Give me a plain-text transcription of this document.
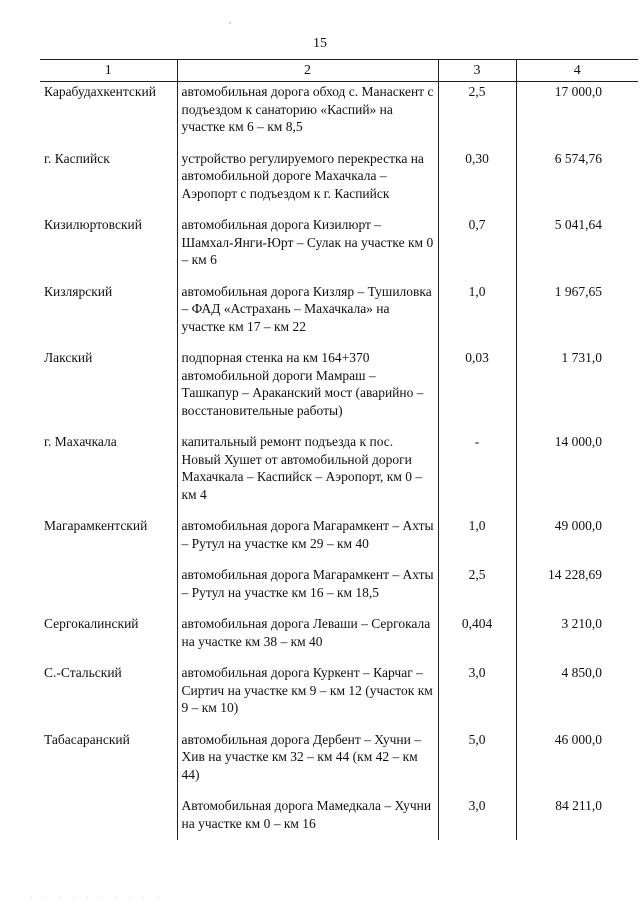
,
15
1	2	3	4
Карабудахкентский	автомобильная дорога обход с. Манаскент с подъездом к санаторию «Каспий» на участке км 6 – км 8,5	2,5	17 000,0
г. Каспийск	устройство регулируемого перекрестка на автомобильной дороге Махачкала – Аэропорт с подъездом к г. Каспийск	0,30	6 574,76
Кизилюртовский	автомобильная дорога Кизилюрт – Шамхал-Янги-Юрт – Сулак на участке км 0 – км 6	0,7	5 041,64
Кизлярский	автомобильная дорога Кизляр – Тушиловка – ФАД «Астрахань – Махачкала» на участке км 17 – км 22	1,0	1 967,65
Лакский	подпорная стенка на км 164+370 автомобильной дороги Мамраш – Ташкапур – Араканский мост (аварийно – восстановительные работы)	0,03	1 731,0
г. Махачкала	капитальный ремонт подъезда к пос. Новый Хушет от автомобильной дороги Махачкала – Каспийск – Аэропорт, км 0 – км 4	-	14 000,0
Магарамкентский	автомобильная дорога Магарамкент – Ахты – Рутул на участке км 29 – км 40	1,0	49 000,0
	автомобильная дорога Магарамкент – Ахты – Рутул на участке км 16 – км 18,5	2,5	14 228,69
Сергокалинский	автомобильная дорога Леваши – Сергокала на участке км 38 – км 40	0,404	3 210,0
С.-Стальский	автомобильная дорога Куркент – Карчаг – Сиртич на участке км 9 – км 12 (участок км 9 – км 10)	3,0	4 850,0
Табасаранский	автомобильная дорога Дербент – Хучни – Хив на участке км 32 – км 44 (км 42 – км 44)	5,0	46 000,0
	Автомобильная дорога Мамедкала – Хучни на участке км 0 – км 16	3,0	84 211,0
· · · · · · · · · ·
